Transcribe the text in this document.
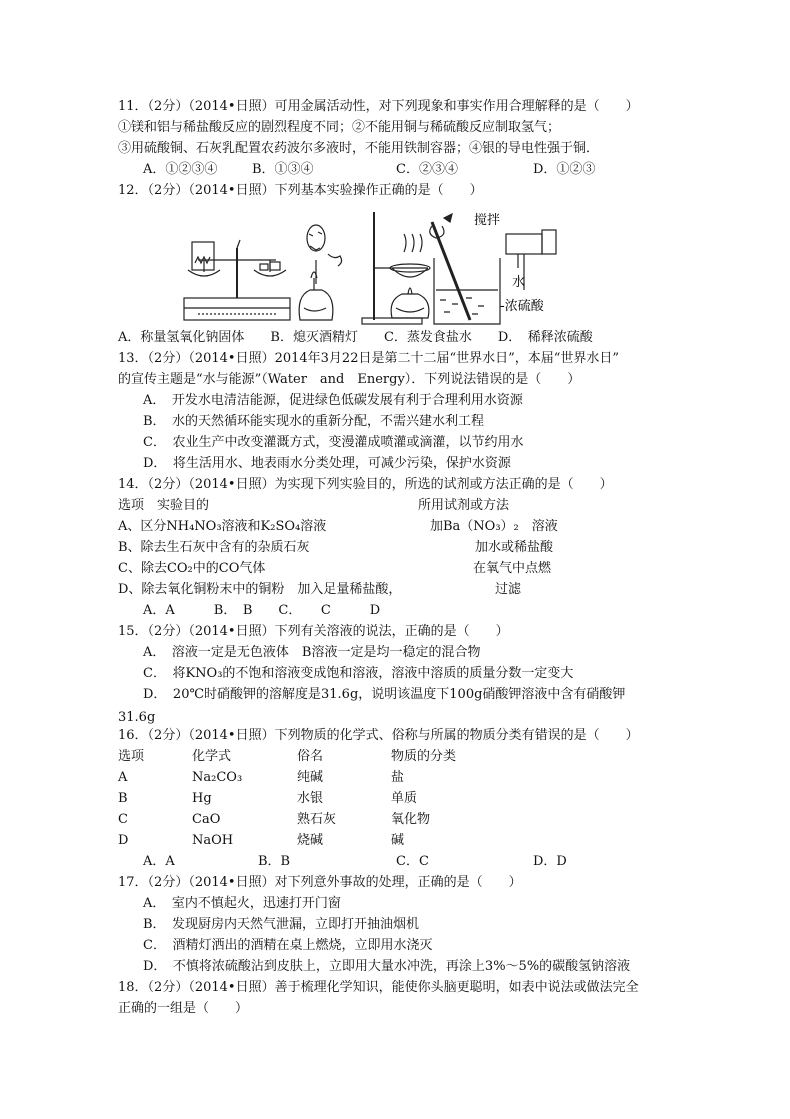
11．（2分）（2014•日照）可用金属活动性，对下列现象和事实作用合理解释的是（　　）
①镁和铝与稀盐酸反应的剧烈程度不同；②不能用铜与稀硫酸反应制取氢气；
③用硫酸铜、石灰乳配置农药波尔多液时，不能用铁制容器；④银的导电性强于铜．
A．①②③④	B．①③④	C．②③④	D．①②③
12．（2分）（2014•日照）下列基本实验操作正确的是（　　）
搅拌
水
-浓硫酸
A．称量氢氧化钠固体　　B．熄灭酒精灯　　C．蒸发食盐水　　D．　稀释浓硫酸
13．（2分）（2014•日照）2014年3月22日是第二十二届“世界水日”，本届“世界水日”
的宣传主题是“水与能源”（Water　and　Energy）．下列说法错误的是（　　）
A．　开发水电清洁能源，促进绿色低碳发展有利于合理利用水资源
B．　水的天然循环能实现水的重新分配，不需兴建水利工程
C．　农业生产中改变灌溉方式，变漫灌成喷灌或滴灌，以节约用水
D．　将生活用水、地表雨水分类处理，可减少污染，保护水资源
14．（2分）（2014•日照）为实现下列实验目的，所选的试剂或方法正确的是（　　）
选项　实验目的	所用试剂或方法
A、区分NH₄NO₃溶液和K₂SO₄溶液	加Ba（NO₃）₂　溶液
B、除去生石灰中含有的杂质石灰	加水或稀盐酸
C、除去CO₂中的CO气体	在氧气中点燃
D、除去氧化铜粉末中的铜粉　加入足量稀盐酸，	过滤
A．A　　　B．　B　　C．　　C　　　D
15．（2分）（2014•日照）下列有关溶液的说法，正确的是（　　）
A．　溶液一定是无色液体　B溶液一定是均一稳定的混合物
C．　将KNO₃的不饱和溶液变成饱和溶液，溶液中溶质的质量分数一定变大
D．　20℃时硝酸钾的溶解度是31.6g，说明该温度下100g硝酸钾溶液中含有硝酸钾
31.6g
16．（2分）（2014•日照）下列物质的化学式、俗称与所属的物质分类有错误的是（　　）
选项	化学式	俗名	物质的分类
A	Na₂CO₃	纯碱	盐
B	Hg	水银	单质
C	CaO	熟石灰	氧化物
D	NaOH	烧碱	碱
A．A	B．B	C．C	D．D
17．（2分）（2014•日照）对下列意外事故的处理，正确的是（　　）
A．　室内不慎起火，迅速打开门窗
B．　发现厨房内天然气泄漏，立即打开抽油烟机
C．　酒精灯洒出的酒精在桌上燃烧，立即用水浇灭
D．　不慎将浓硫酸沾到皮肤上，立即用大量水冲洗，再涂上3%～5%的碳酸氢钠溶液
18．（2分）（2014•日照）善于梳理化学知识，能使你头脑更聪明，如表中说法或做法完全
正确的一组是（　　）
